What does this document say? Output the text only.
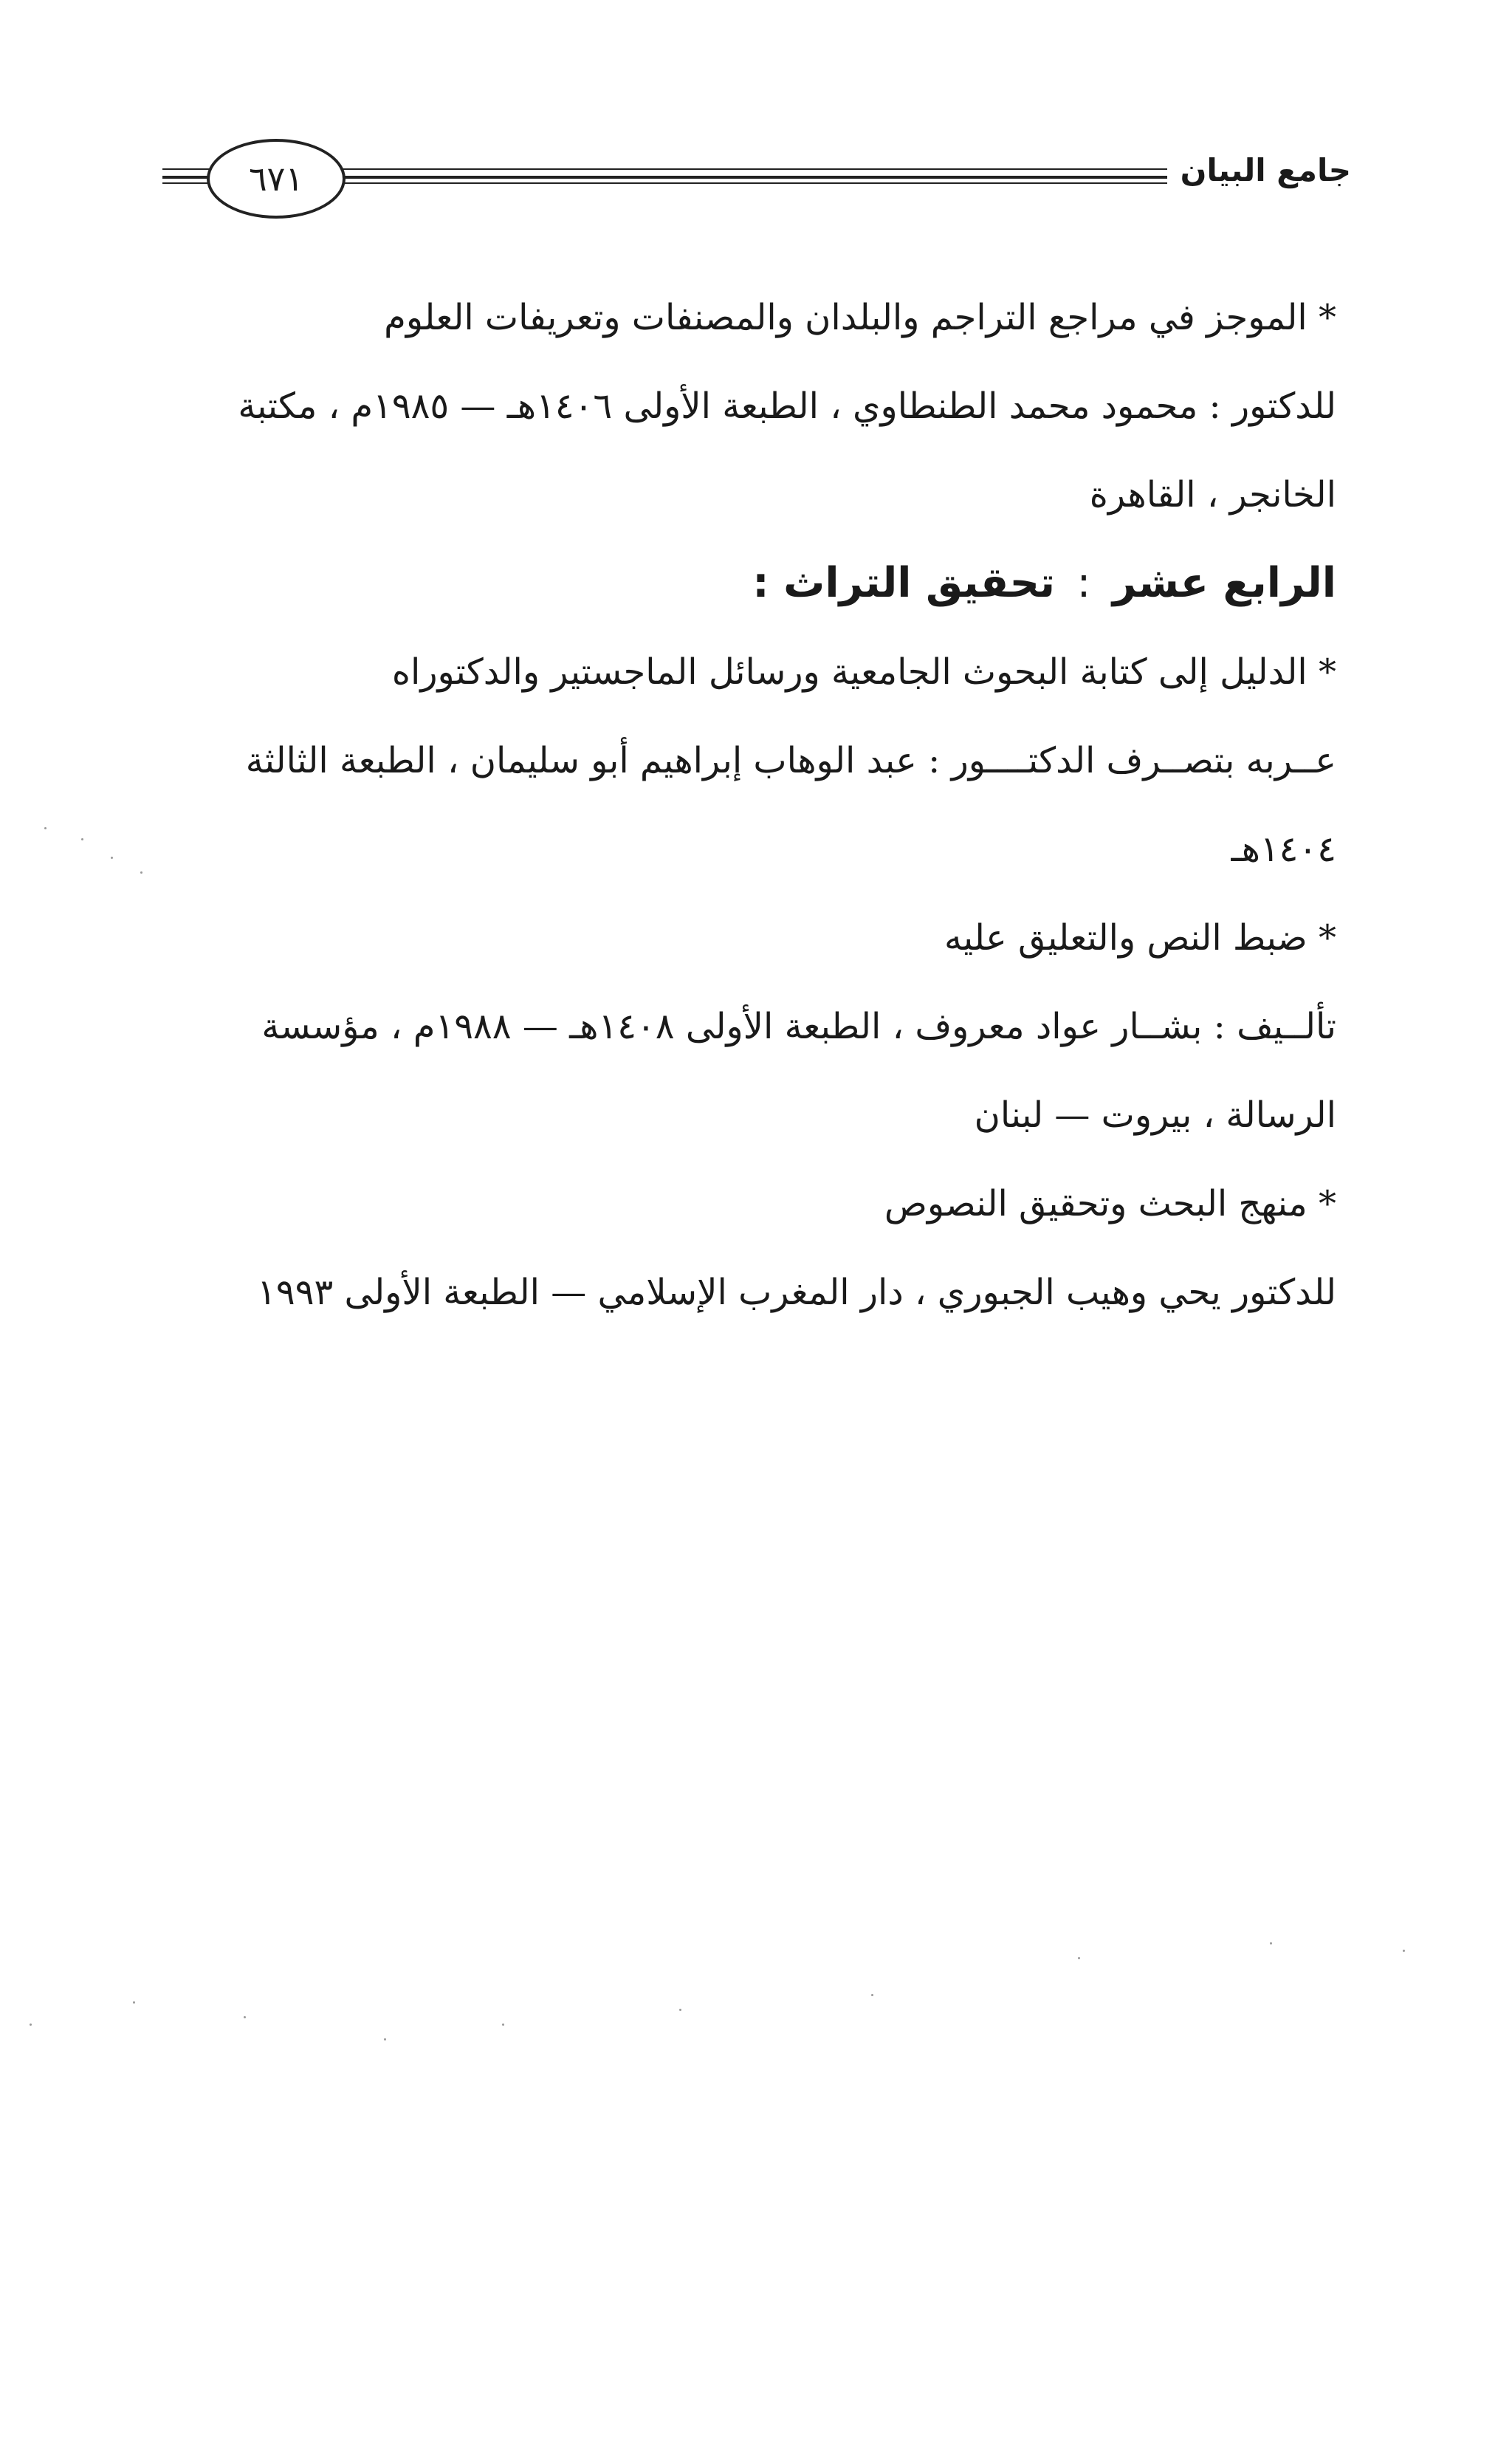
٦٧١	جامع البيان
* الموجز في مراجع التراجم والبلدان والمصنفات وتعريفات العلوم
للدكتور : محمود محمد الطنطاوي ، الطبعة الأولى ١٤٠٦هـ — ١٩٨٥م ، مكتبة
الخانجر ، القاهرة
الرابع عشر : تحقيق التراث :
* الدليل إلى كتابة البحوث الجامعية ورسائل الماجستير والدكتوراه
عــربه بتصــرف الدكتــــور : عبد الوهاب إبراهيم أبو سليمان ، الطبعة الثالثة
١٤٠٤هـ
* ضبط النص والتعليق عليه
تألــيف : بشــار عواد معروف ، الطبعة الأولى ١٤٠٨هـ — ١٩٨٨م ، مؤسسة
الرسالة ، بيروت — لبنان
* منهج البحث وتحقيق النصوص
للدكتور يحي وهيب الجبوري ، دار المغرب الإسلامي — الطبعة الأولى ١٩٩٣
